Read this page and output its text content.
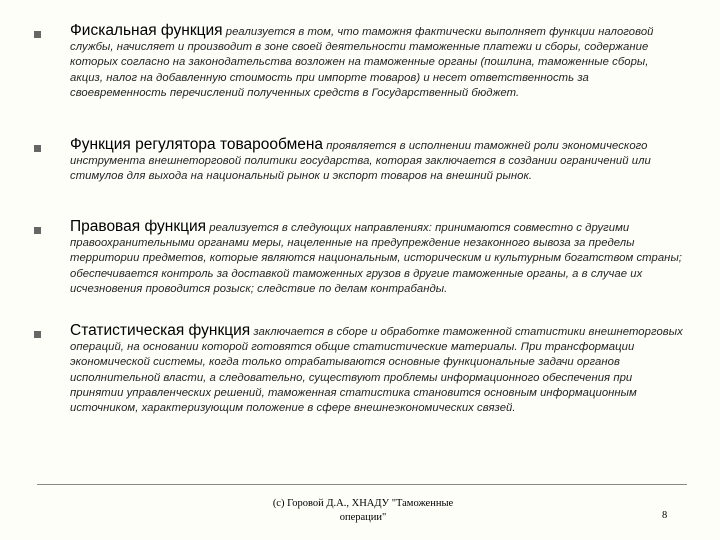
Фискальная функция реализуется в том, что таможня фактически выполняет функции налоговой службы, начисляет и производит в зоне своей деятельности таможенные платежи и сборы, содержание которых согласно на законодательства возложен на таможенные органы (пошлина, таможенные сборы, акциз, налог на добавленную стоимость при импорте товаров) и несет ответственность за своевременность перечислений полученных средств в Государственный бюджет.
Функция регулятора товарообмена проявляется в исполнении таможней роли экономического инструмента внешнеторговой политики государства, которая заключается в создании ограничений или стимулов для выхода на национальный рынок и экспорт товаров на внешний рынок.
Правовая функция реализуется в следующих направлениях: принимаются совместно с другими правоохранительными органами меры, нацеленные на предупреждение незаконного вывоза за пределы территории предметов, которые являются национальным, историческим и культурным богатством страны; обеспечивается контроль за доставкой таможенных грузов в другие таможенные органы, а в случае их исчезновения проводится розыск; следствие по делам контрабанды.
Статистическая функция заключается в сборе и обработке таможенной статистики внешнеторговых операций, на основании которой готовятся общие статистические материалы. При трансформации экономической системы, когда только отрабатываются основные функциональные задачи органов исполнительной власти, а следовательно, существуют проблемы информационного обеспечения при принятии управленческих решений, таможенная статистика становится основным информационным источником, характеризующим положение в сфере внешнеэкономических связей.
(с) Горовой Д.А., ХНАДУ "Таможенные
операции"	8
